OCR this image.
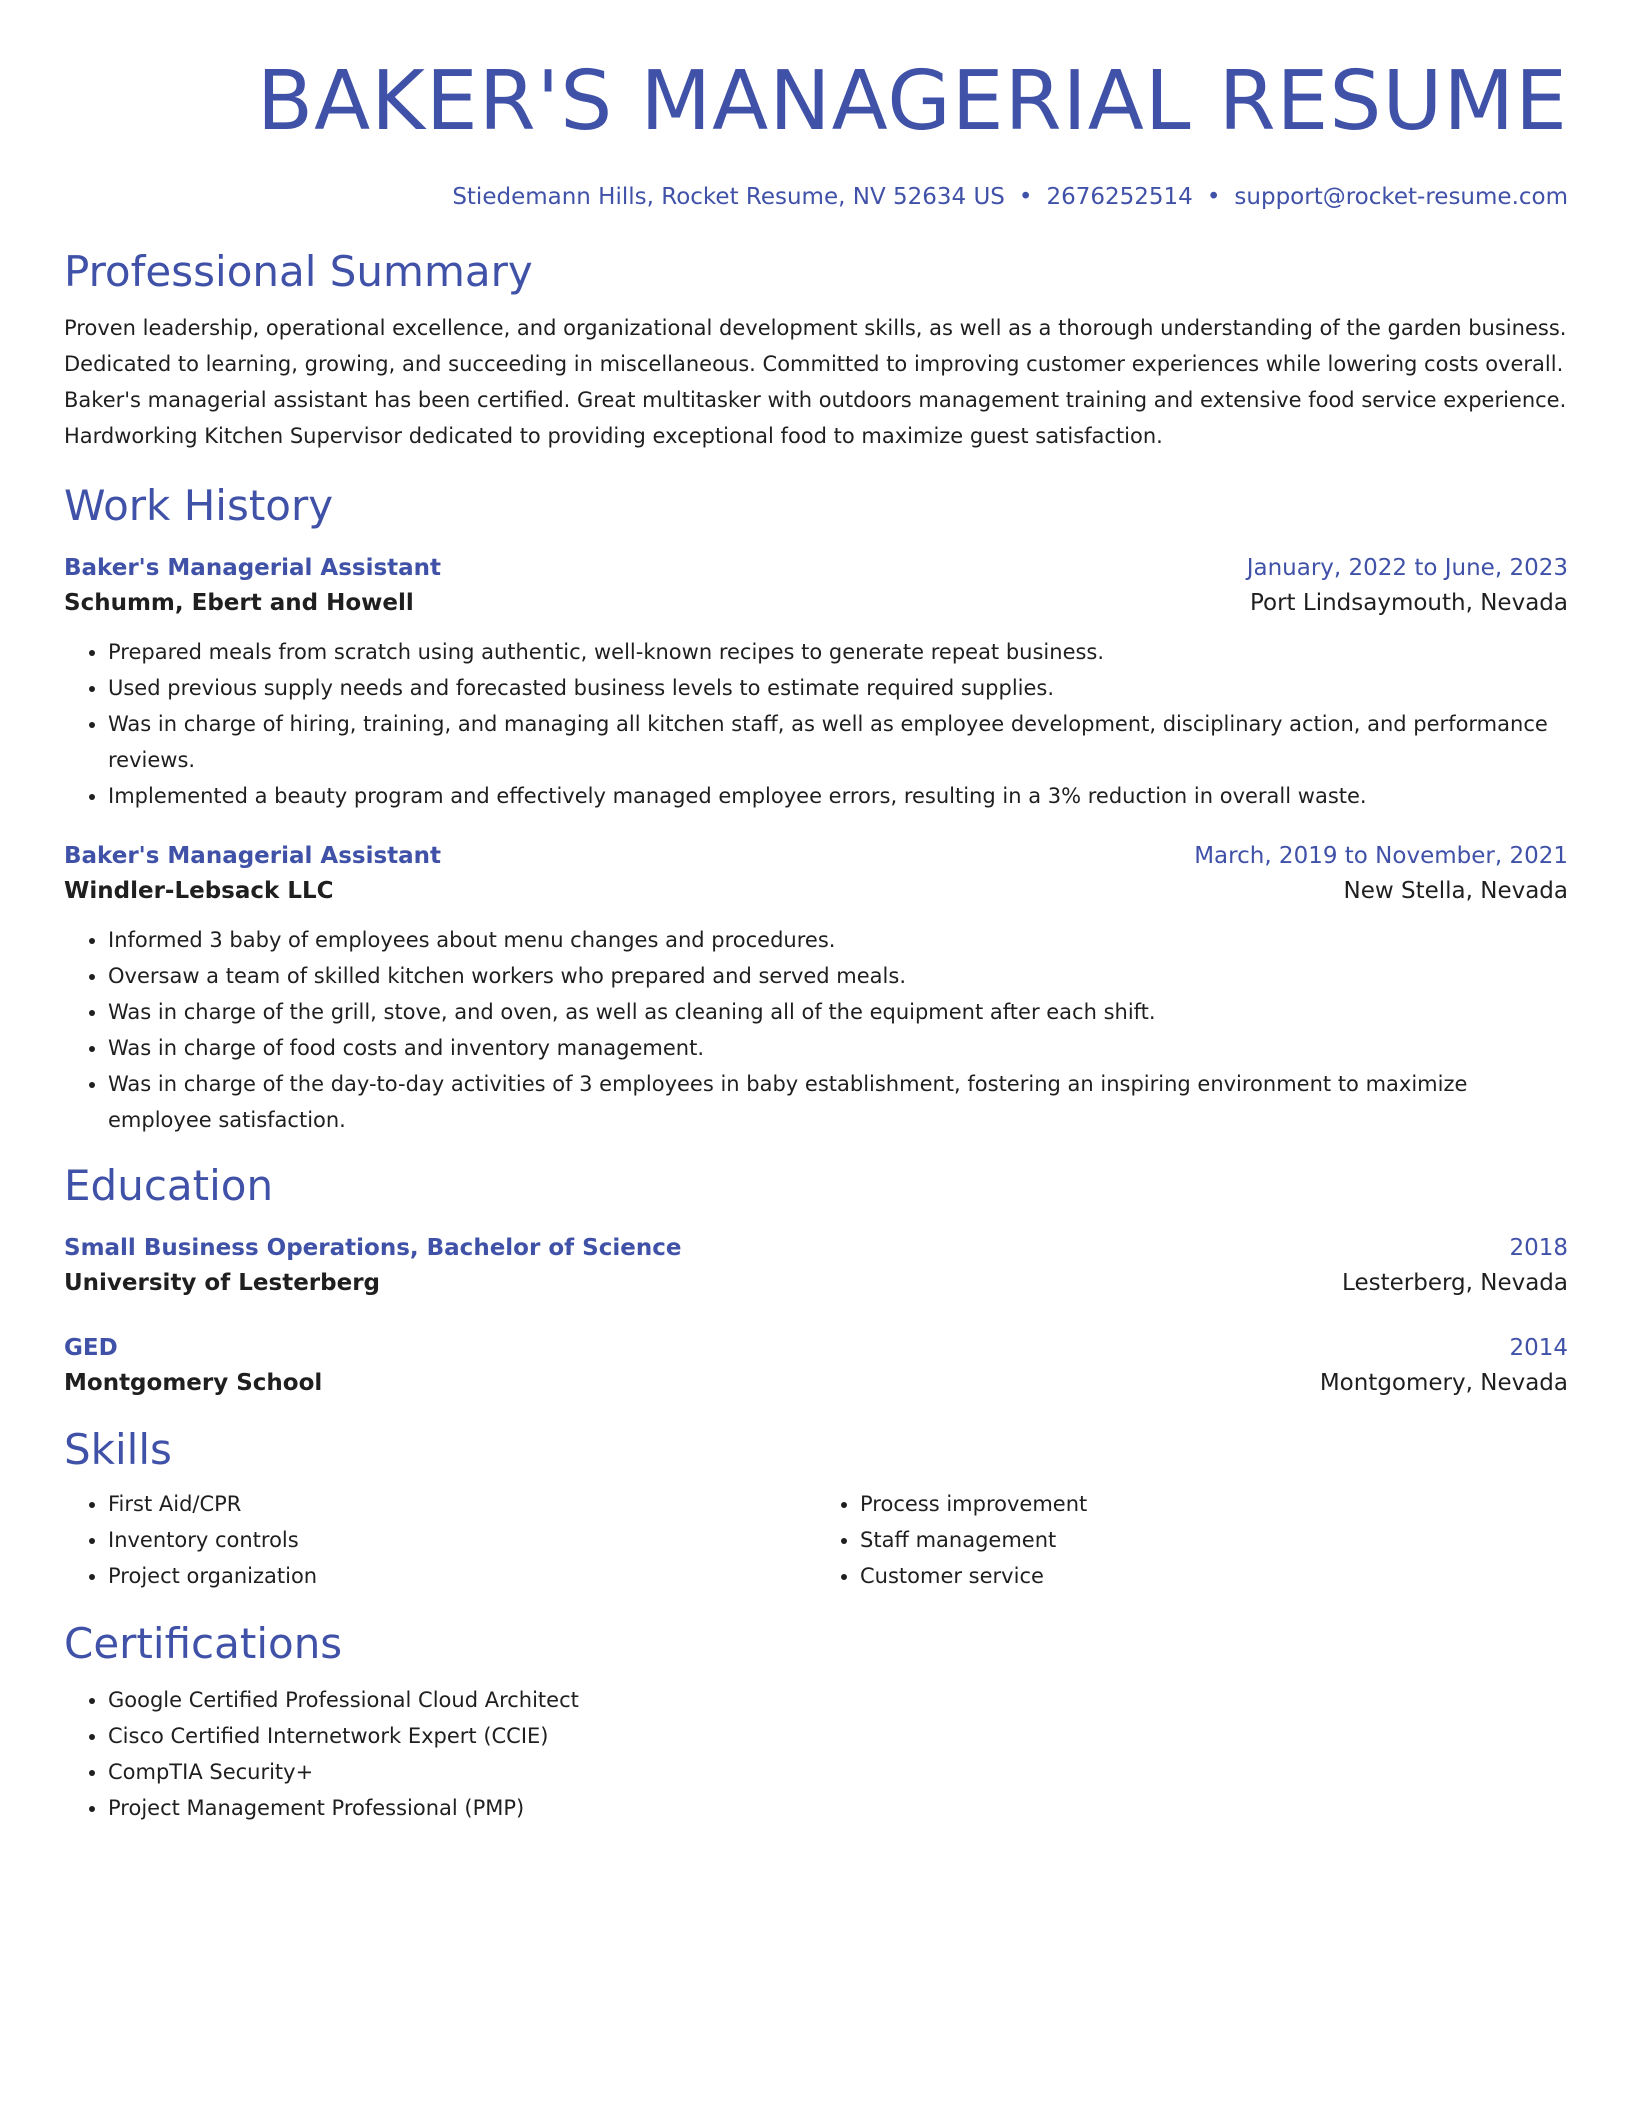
BAKER'S MANAGERIAL RESUME
Stiedemann Hills, Rocket Resume, NV 52634 US • 2676252514 • support@rocket-resume.com
Professional Summary

Proven leadership, operational excellence, and organizational development skills, as well as a thorough understanding of the garden business. Dedicated to learning, growing, and succeeding in miscellaneous. Committed to improving customer experiences while lowering costs overall. Baker's managerial assistant has been certified. Great multitasker with outdoors management training and extensive food service experience. Hardworking Kitchen Supervisor dedicated to providing exceptional food to maximize guest satisfaction.

Work History
Baker's Managerial Assistant	January, 2022 to June, 2023
Schumm, Ebert and Howell	Port Lindsaymouth, Nevada
• Prepared meals from scratch using authentic, well-known recipes to generate repeat business.
• Used previous supply needs and forecasted business levels to estimate required supplies.
• Was in charge of hiring, training, and managing all kitchen staff, as well as employee development, disciplinary action, and performance reviews.
• Implemented a beauty program and effectively managed employee errors, resulting in a 3% reduction in overall waste.
Baker's Managerial Assistant	March, 2019 to November, 2021
Windler-Lebsack LLC	New Stella, Nevada
• Informed 3 baby of employees about menu changes and procedures.
• Oversaw a team of skilled kitchen workers who prepared and served meals.
• Was in charge of the grill, stove, and oven, as well as cleaning all of the equipment after each shift.
• Was in charge of food costs and inventory management.
• Was in charge of the day-to-day activities of 3 employees in baby establishment, fostering an inspiring environment to maximize employee satisfaction.
Education
Small Business Operations, Bachelor of Science	2018
University of Lesterberg	Lesterberg, Nevada
GED	2014
Montgomery School	Montgomery, Nevada
Skills
• First Aid/CPR
• Inventory controls
• Project organization
• Process improvement
• Staff management
• Customer service
Certifications
• Google Certified Professional Cloud Architect
• Cisco Certified Internetwork Expert (CCIE)
• CompTIA Security+
• Project Management Professional (PMP)
